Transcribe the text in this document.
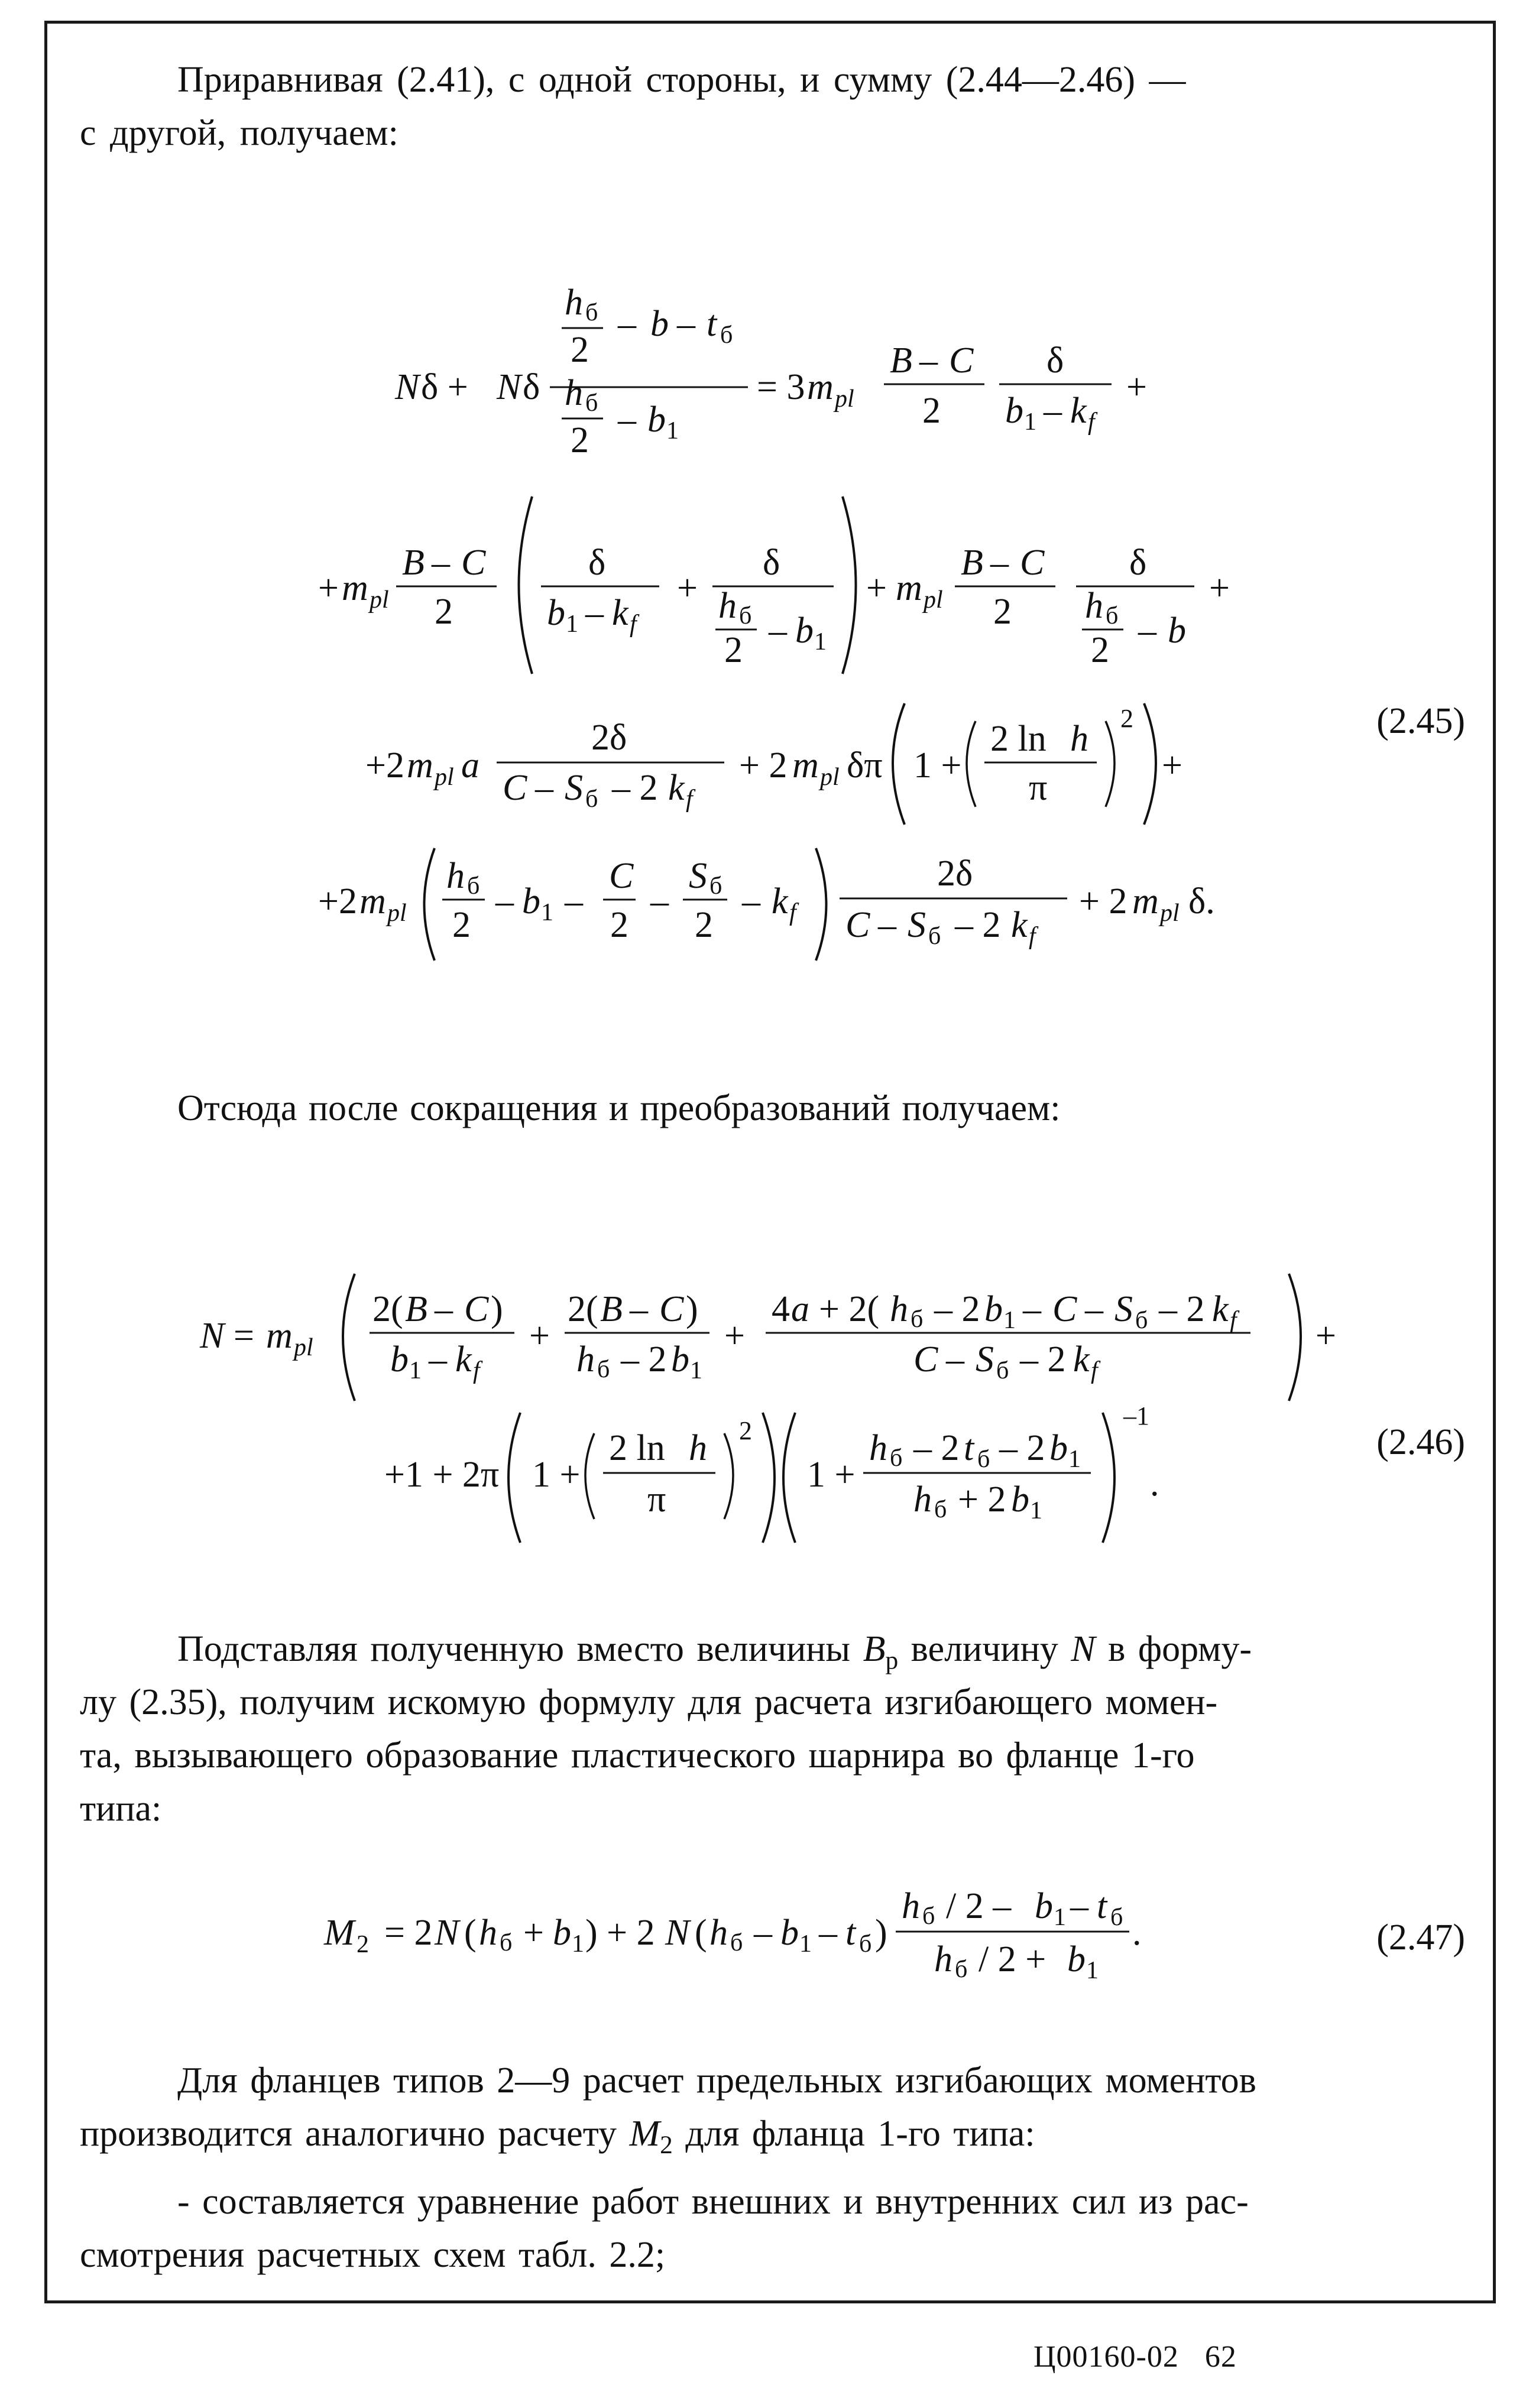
Приравнивая (2.41), с одной стороны, и сумму (2.44—2.46) —
с другой, получаем:
N δ + N δ
h б
2
– b – t б
h б
2
– b 1
= 3 m pl
B – C
2
δ
b 1 – k f
+
+ m pl
B – C
2
δ
b 1 – k f
+
δ
h б
2 – b 1
+ m pl
B – C
2
δ
h б
2 – b
+
+2 m pl a
2δ
C – S б – 2 k f
+ 2 m pl δπ 1 +
2 ln h
π
2
+
+2 m pl
h б
2
– b 1 –
C
2
–
S б
2
– k f
2δ
C – S б – 2 k f
+ 2 m pl δ.
(2.45)
Отсюда после сокращения и преобразований получаем:
N = m pl
2( B – C )
b 1 – k f
+
2( B – C )
h б – 2 b 1
+
4 a + 2( h б – 2 b 1 – C – S б – 2 k f
C – S б – 2 k f
+
+1 + 2π 1 +
2 ln h
π
2
1 +
h б – 2 t б – 2 b 1
h б + 2 b 1
–1
.
(2.46)
Подставляя полученную вместо величины $B_р$ величину N в форму-
лу (2.35), получим искомую формулу для расчета изгибающего момен-
та, вызывающего образование пластического шарнира во фланце 1-го
типа:
M 2 = 2 N ( h б + b 1 ) + 2 N ( h б – b 1 – t б )
h б / 2 – b 1 – t б
h б / 2 + b 1
.	(2.47)
Для фланцев типов 2—9 расчет предельных изгибающих моментов
производится аналогично расчету $M_2$ для фланца 1-го типа:
- составляется уравнение работ внешних и внутренних сил из рас-
смотрения расчетных схем табл. 2.2;
Ц00160-02 62
